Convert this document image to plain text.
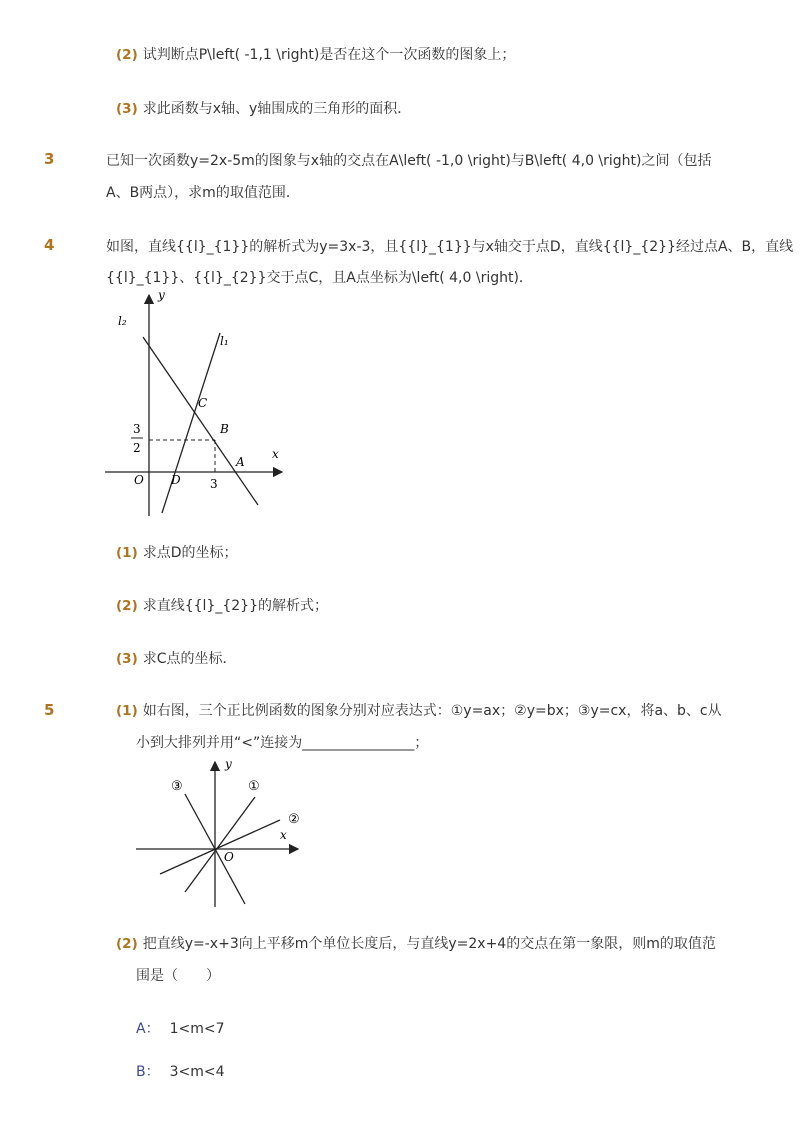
(2) 试判断点P\left( -1,1 \right)是否在这个一次函数的图象上；
(3) 求此函数与x轴、y轴围成的三角形的面积．
3	已知一次函数y=2x-5m的图象与x轴的交点在A\left( -1,0 \right)与B\left( 4,0 \right)之间（包括
A、B两点），求m的取值范围．
4	如图，直线{{l}_{1}}的解析式为y=3x-3，且{{l}_{1}}与x轴交于点D，直线{{l}_{2}}经过点A、B，直线
{{l}_{1}}、{{l}_{2}}交于点C，且A点坐标为\left( 4,0 \right)．
y
x
l₂
l₁
C
B
A
O D 3
3
2
(1) 求点D的坐标；
(2) 求直线{{l}_{2}}的解析式；
(3) 求C点的坐标．
5	(1) 如右图，三个正比例函数的图象分别对应表达式：①y=ax；②y=bx；③y=cx，将a、b、c从
小到大排列并用“<”连接为________________；
y
x
O
①
②
③
(2) 把直线y=-x+3向上平移m个单位长度后，与直线y=2x+4的交点在第一象限，则m的取值范
围是（　　）
A： 1<m<7
B： 3<m<4
